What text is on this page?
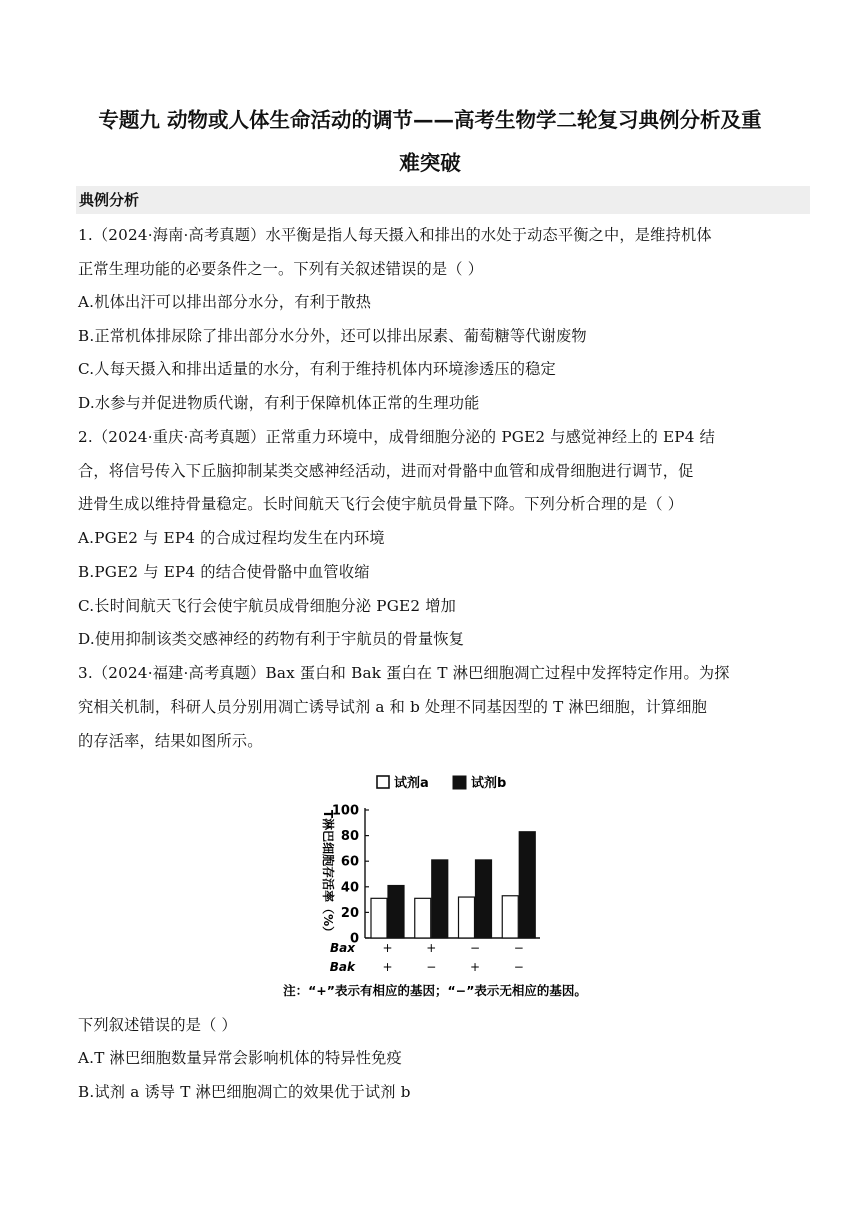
专题九 动物或人体生命活动的调节——高考生物学二轮复习典例分析及重
难突破
典例分析
1.（2024·海南·高考真题）水平衡是指人每天摄入和排出的水处于动态平衡之中，是维持机体
正常生理功能的必要条件之一。下列有关叙述错误的是（ ）
A.机体出汗可以排出部分水分，有利于散热
B.正常机体排尿除了排出部分水分外，还可以排出尿素、葡萄糖等代谢废物
C.人每天摄入和排出适量的水分，有利于维持机体内环境渗透压的稳定
D.水参与并促进物质代谢，有利于保障机体正常的生理功能
2.（2024·重庆·高考真题）正常重力环境中，成骨细胞分泌的 PGE2 与感觉神经上的 EP4 结
合，将信号传入下丘脑抑制某类交感神经活动，进而对骨骼中血管和成骨细胞进行调节，促
进骨生成以维持骨量稳定。长时间航天飞行会使宇航员骨量下降。下列分析合理的是（ ）
A.PGE2 与 EP4 的合成过程均发生在内环境
B.PGE2 与 EP4 的结合使骨骼中血管收缩
C.长时间航天飞行会使宇航员成骨细胞分泌 PGE2 增加
D.使用抑制该类交感神经的药物有利于宇航员的骨量恢复
3.（2024·福建·高考真题）Bax 蛋白和 Bak 蛋白在 T 淋巴细胞凋亡过程中发挥特定作用。为探
究相关机制，科研人员分别用凋亡诱导试剂 a 和 b 处理不同基因型的 T 淋巴细胞，计算细胞
的存活率，结果如图所示。
试剂a	试剂b
0
20
40
60
80
100
T淋巴细胞存活率（%）
+
+
+
−
−
+
−
−
Bax
Bak
注：“+”表示有相应的基因；“−”表示无相应的基因。
下列叙述错误的是（ ）
A.T 淋巴细胞数量异常会影响机体的特异性免疫
B.试剂 a 诱导 T 淋巴细胞凋亡的效果优于试剂 b
